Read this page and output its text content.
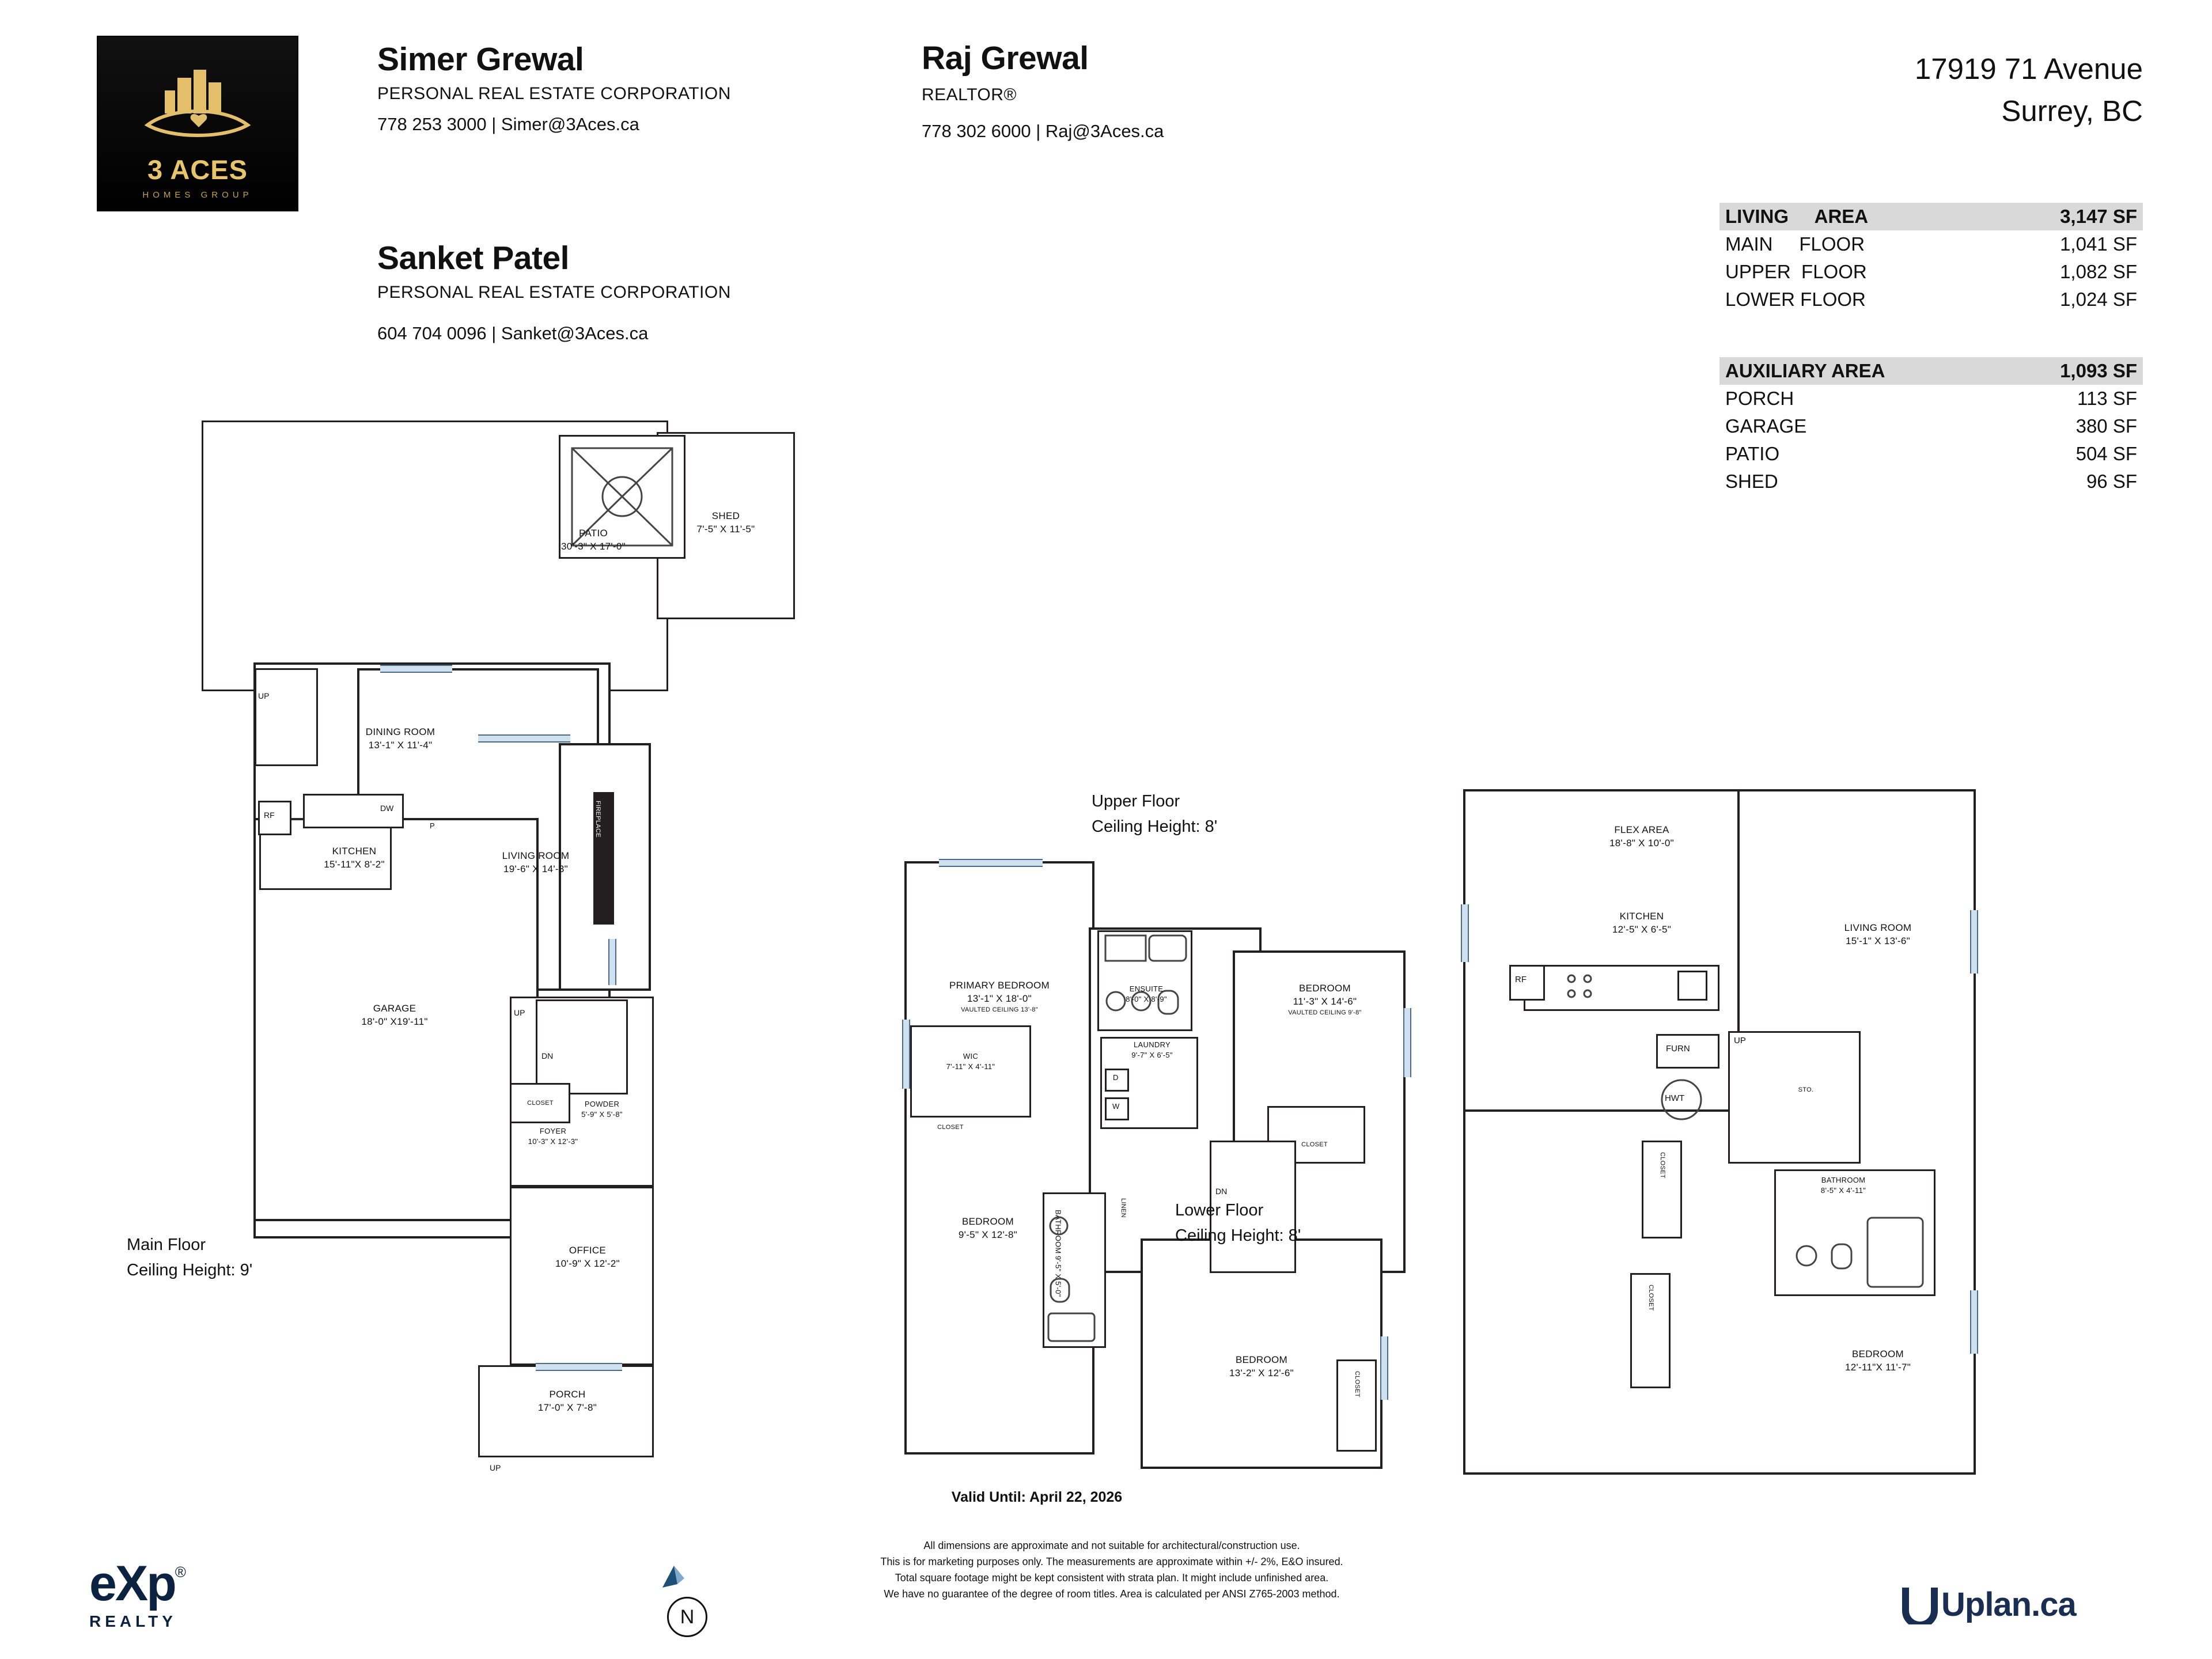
3 ACES
HOMES GROUP
Simer Grewal
PERSONAL REAL ESTATE CORPORATION
778 253 3000 | Simer@3Aces.ca
Sanket Patel
PERSONAL REAL ESTATE CORPORATION
604 704 0096 | Sanket@3Aces.ca
Raj Grewal
REALTOR®
778 302 6000 | Raj@3Aces.ca
17919 71 Avenue
Surrey, BC
LIVING     AREA	3,147 SF
MAIN     FLOOR	1,041 SF
UPPER  FLOOR	1,082 SF
LOWER FLOOR	1,024 SF
AUXILIARY AREA	1,093 SF
PORCH	113 SF
GARAGE	380 SF
PATIO	504 SF
SHED	96 SF
PATIO
30'-3" X 17'-0"
SHED
7'-5" X 11'-5"
UP
GARAGE
18'-0" X19'-11"
RF
DW
KITCHEN
15'-11"X 8'-2"
P
DINING ROOM
13'-1" X 11'-4"
LIVING ROOM
19'-6" X 14'-3"
FIREPLACE
UP
DN
FOYER
10'-3" X 12'-3"
CLOSET	POWDER
5'-9" X 5'-8"
OFFICE
10'-9" X 12'-2"
PORCH
17'-0" X 7'-8"
UP
Main Floor
Ceiling Height: 9'
PRIMARY BEDROOM
13'-1" X 18'-0"
VAULTED CEILING 13'-8"
ENSUITE
8'-0" X 8'-9"
BEDROOM
11'-3" X 14'-6"
VAULTED CEILING 9'-8"
WIC
7'-11" X 4'-11"
CLOSET
LAUNDRY
9'-7" X 6'-5"
D
W
CLOSET
DN
BEDROOM
9'-5" X 12'-8"	BATHROOM 9'-5" X 5'-0"
LINEN
BEDROOM
13'-2" X 12'-6"	CLOSET
Upper Floor
Ceiling Height: 8'	FLEX AREA
18'-8" X 10'-0"
KITCHEN
12'-5" X 6'-5"
RF
LIVING ROOM
15'-1" X 13'-6"
FURN
HWT
UP
STO.
BATHROOM
8'-5" X 4'-11"
CLOSET
CLOSET
BEDROOM
12'-11"X 11'-7"
Lower Floor
Ceiling Height: 8'
Valid Until: April 22, 2026
All dimensions are approximate and not suitable for architectural/construction use.
This is for marketing purposes only. The measurements are approximate within +/- 2%, E&O insured.
Total square footage might be kept consistent with strata plan. It might include unfinished area.
We have no guarantee of the degree of room titles. Area is calculated per ANSI Z765-2003 method.
N
eXp ®
REALTY	Uplan.ca
